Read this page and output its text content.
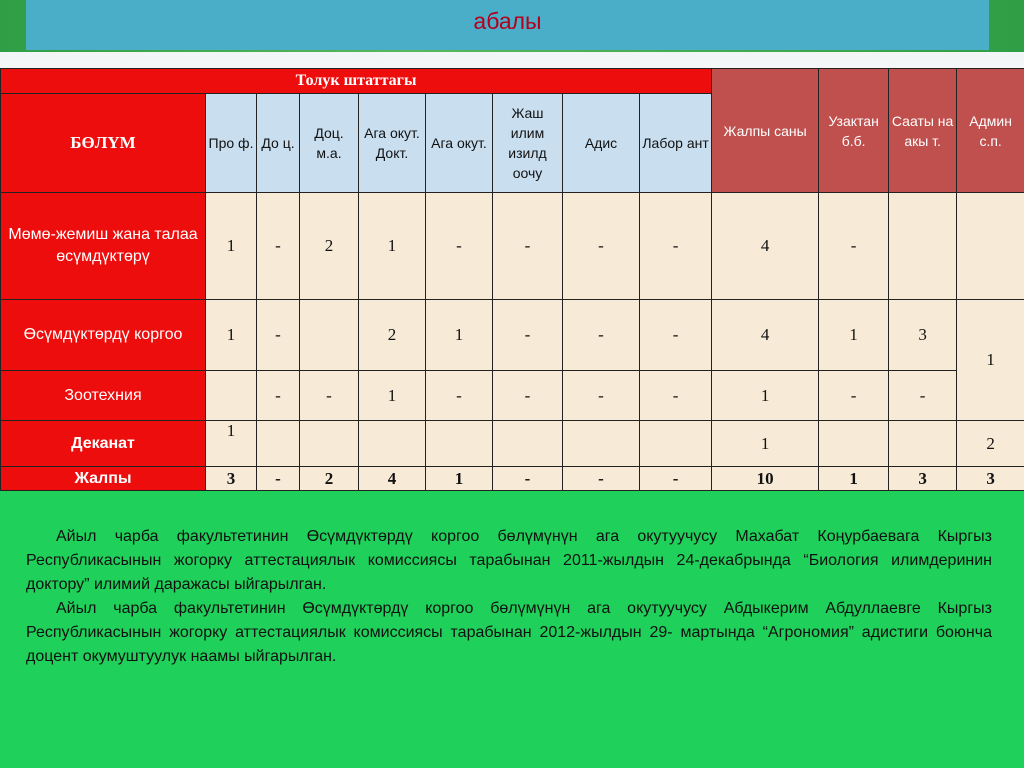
абалы
Толук штаттагы									Жалпы саны	Узактан б.б.	Сааты на акы т.	Админ с.п.
БӨЛҮМ	Про ф.	До ц.	Доц. м.а.	Ага окут. Докт.	Ага окут.	Жаш илим изилд оочу	Адис	Лабор ант				
Мөмө-жемиш жана талаа өсүмдүктөрү	1	-	2	1	-	-	-	-	4	-		
Өсүмдүктөрдү коргоо	1	-		2	1	-	-	-	4	1	3	1
Зоотехния		-	-	1	-	-	-	-	1	-	-	
Деканат	1								1			2
Жалпы	3	-	2	4	1	-	-	-	10	1	3	3

Айыл чарба факультетинин Өсүмдүктөрдү коргоо бөлүмүнүн ага окутуучусу Махабат Коңурбаевага Кыргыз Республикасынын жогорку аттестациялык комиссиясы тарабынан 2011-жылдын 24-декабрында “Биология илимдеринин доктору” илимий даражасы ыйгарылган.

Айыл чарба факультетинин Өсүмдүктөрдү коргоо бөлүмүнүн ага окутуучусу Абдыкерим Абдуллаевге Кыргыз Республикасынын жогорку аттестациялык комиссиясы тарабынан 2012-жылдын 29- мартында “Агрономия” адистиги боюнча доцент окумуштуулук наамы ыйгарылган.
